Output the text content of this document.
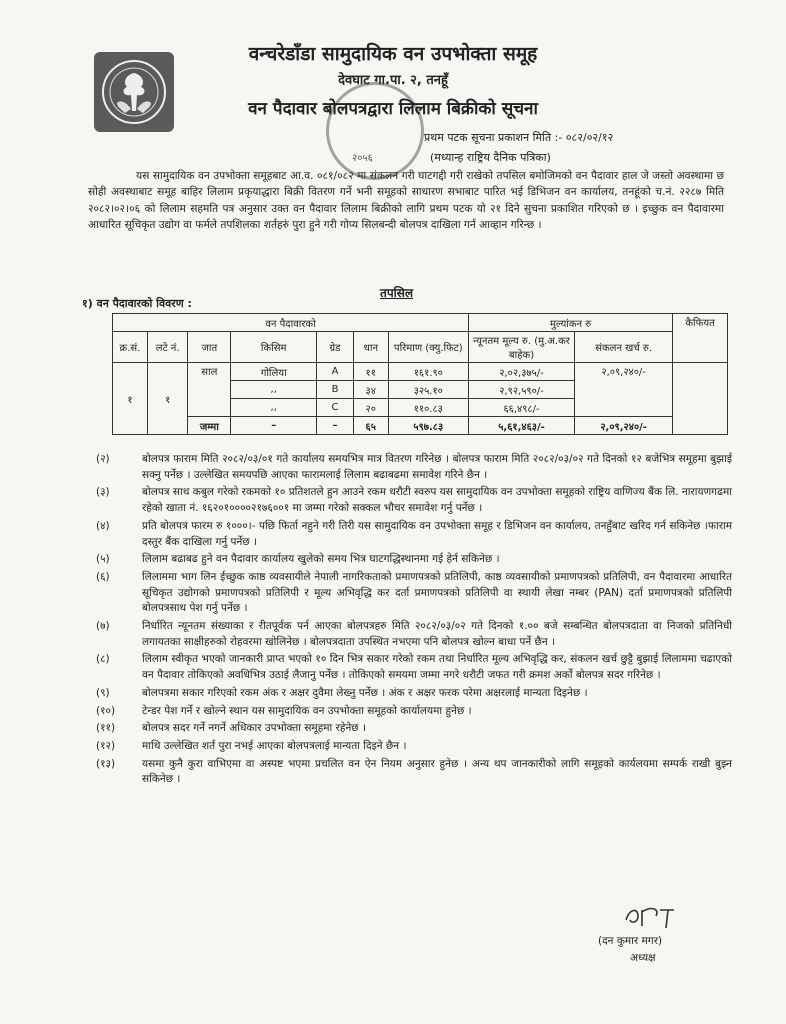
वन्चरेडाँडा सामुदायिक वन उपभोक्ता समूह
देवघाट गा.पा. २, तनहूँ
२०५६
वन पैदावार बोलपत्रद्वारा लिलाम बिक्रीको सूचना
प्रथम पटक सूचना प्रकाशन मिति :- ०८२/०२/१२
(मध्यान्ह राष्ट्रिय दैनिक पत्रिका)
यस सामुदायिक वन उपभोक्ता समूहबाट आ.व. ०८१/०८२ मा संकलन गरी घाटगद्दी गरी राखेको तपसिल बमोजिमको वन पैदावार हाल जे जस्तो अवस्थामा छ सोही अवस्थाबाट समूह बाहिर लिलाम प्रकृयाद्धारा बिक्री वितरण गर्ने भनी समूहको साधारण सभाबाट पारित भई डिभिजन वन कार्यालय, तनहूंको च.नं. २२८७ मिति २०८२।०२।०६ को लिलाम सहमति पत्र अनुसार उक्त वन पैदावार लिलाम बिक्रीको लागि प्रथम पटक यो २१ दिने सुचना प्रकाशित गरिएको छ । इच्छुक वन पैदावारमा आधारित सूचिकृत उद्योग वा फर्मले तपशिलका शर्तहरुं पुरा हुने गरी गोप्य सिलबन्दी बोलपत्र दाखिला गर्न आव्हान गरिन्छ ।
तपसिल
१) वन पैदावारको विवरण :
वन पैदावारको							मुल्यांकन रु		कैफियत
क्र.सं.	लटे नं.	जात	किसिम	ग्रेड	थान	परिमाण (क्यु.फिट)	न्यूनतम मूल्य रु. (मु.अ.कर बाहेक)	संकलन खर्च रु.	
१	१	साल	गोलिया	A	११	१६१.९०	२,०२,३७५/-	२,०९,२४०/-	
			,,	B	३४	३२५.१०	२,९२,५९०/-		
			,,	C	२०	११०.८३	६६,४९८/-		
		जम्मा	–	–	६५	५९७.८३	५,६१,४६३/-	२,०९,२४०/-	
(२)	बोलपत्र फाराम मिति २०८२/०३/०१ गते कार्यालय समयभित्र मात्र वितरण गरिनेछ । बोलपत्र फाराम मिति २०८२/०३/०२ गते दिनको १२ बजेभित्र समूहमा बुझाई सक्नु पर्नेछ । उल्लेखित समयपछि आएका फारामलाई लिलाम बढाबढमा समावेश गरिने छैन ।
(३)	बोलपत्र साथ कबुल गरेको रकमको १० प्रतिशतले हुन आउने रकम धरौटी स्वरुप यस सामुदायिक वन उपभोक्ता समूहको राष्ट्रिय वाणिज्य बैंक लि. नारायणगढमा रहेको खाता नं. १६२०१००००२१७६००१ मा जम्मा गरेको सक्कल भौचर समावेश गर्नु पर्नेछ ।
(४)	प्रति बोलपत्र फारम रु १०००।- पछि फिर्ता नहुने गरी तिरी यस सामुदायिक वन उपभोक्ता समूह र डिभिजन वन कार्यालय, तनहुँबाट खरिद गर्न सकिनेछ ।फाराम दस्तुर बैंक दाखिला गर्नु पर्नेछ ।
(५)	लिलाम बढाबढ हुने वन पैदावार कार्यालय खुलेको समय भित्र घाटगद्धिस्थानमा गई हेर्न सकिनेछ ।
(६)	लिलाममा भाग लिन ईच्छुक काष्ठ व्यवसायीले नेपाली नागरिकताको प्रमाणपत्रको प्रतिलिपी, काष्ठ व्यवसायीको प्रमाणपत्रको प्रतिलिपी, वन पैदावारमा आधारित सूचिकृत उद्योगको प्रमाणपत्रको प्रतिलिपी र मूल्य अभिवृद्धि कर दर्ता प्रमाणपत्रको प्रतिलिपी वा स्थायी लेखा नम्बर (PAN) दर्ता प्रमाणपत्रको प्रतिलिपी बोलपत्रसाथ पेश गर्नु पर्नेछ ।
(७)	निर्धारित न्यूनतम संख्याका र रीतपूर्वक पर्न आएका बोलपत्रहरु मिति २०८२/०३/०२ गते दिनको १.०० बजे सम्बन्धित बोलपत्रदाता वा निजको प्रतिनिधी लगायतका साक्षीहरुको रोहवरमा खोलिनेछ । बोलपत्रदाता उपस्थित नभएमा पनि बोलपत्र खोल्न बाधा पर्ने छैन ।
(८)	लिलाम स्वीकृत भएको जानकारी प्राप्त भएको १० दिन भित्र सकार गरेको रकम तथा निर्धारित मूल्य अभिवृद्धि कर, संकलन खर्च छुट्टै बुझाई लिलाममा चढाएको वन पैदावार तोकिएको अवधिभित्र उठाई लैजानु पर्नेछ । तोकिएको समयमा जम्मा नगरे धरौटी जफत गरी क्रमश अर्को बोलपत्र सदर गरिनेछ ।
(९)	बोलपत्रमा सकार गरिएको रकम अंक र अक्षर दुवैमा लेख्नु पर्नेछ । अंक र अक्षर फरक परेमा अक्षरलाई मान्यता दिइनेछ ।
(१०)	टेन्डर पेश गर्ने र खोल्ने स्थान यस सामुदायिक वन उपभोक्ता समूहको कार्यालयमा हुनेछ ।
(११)	बोलपत्र सदर गर्ने नगर्ने अधिकार उपभोक्ता समूहमा रहेनेछ ।
(१२)	माथि उल्लेखित शर्त पुरा नभई आएका बोलपत्रलाई मान्यता दिइने छैन ।
(१३)	यसमा कुनै कुरा वाभिएमा वा अस्पष्ट भएमा प्रचलित वन ऐन नियम अनुसार हुनेछ । अन्य थप जानकारीको लागि समूहको कार्यलयमा सम्पर्क राखी बुझ्न सकिनेछ ।
(दन कुमार मगर)
अध्यक्ष
